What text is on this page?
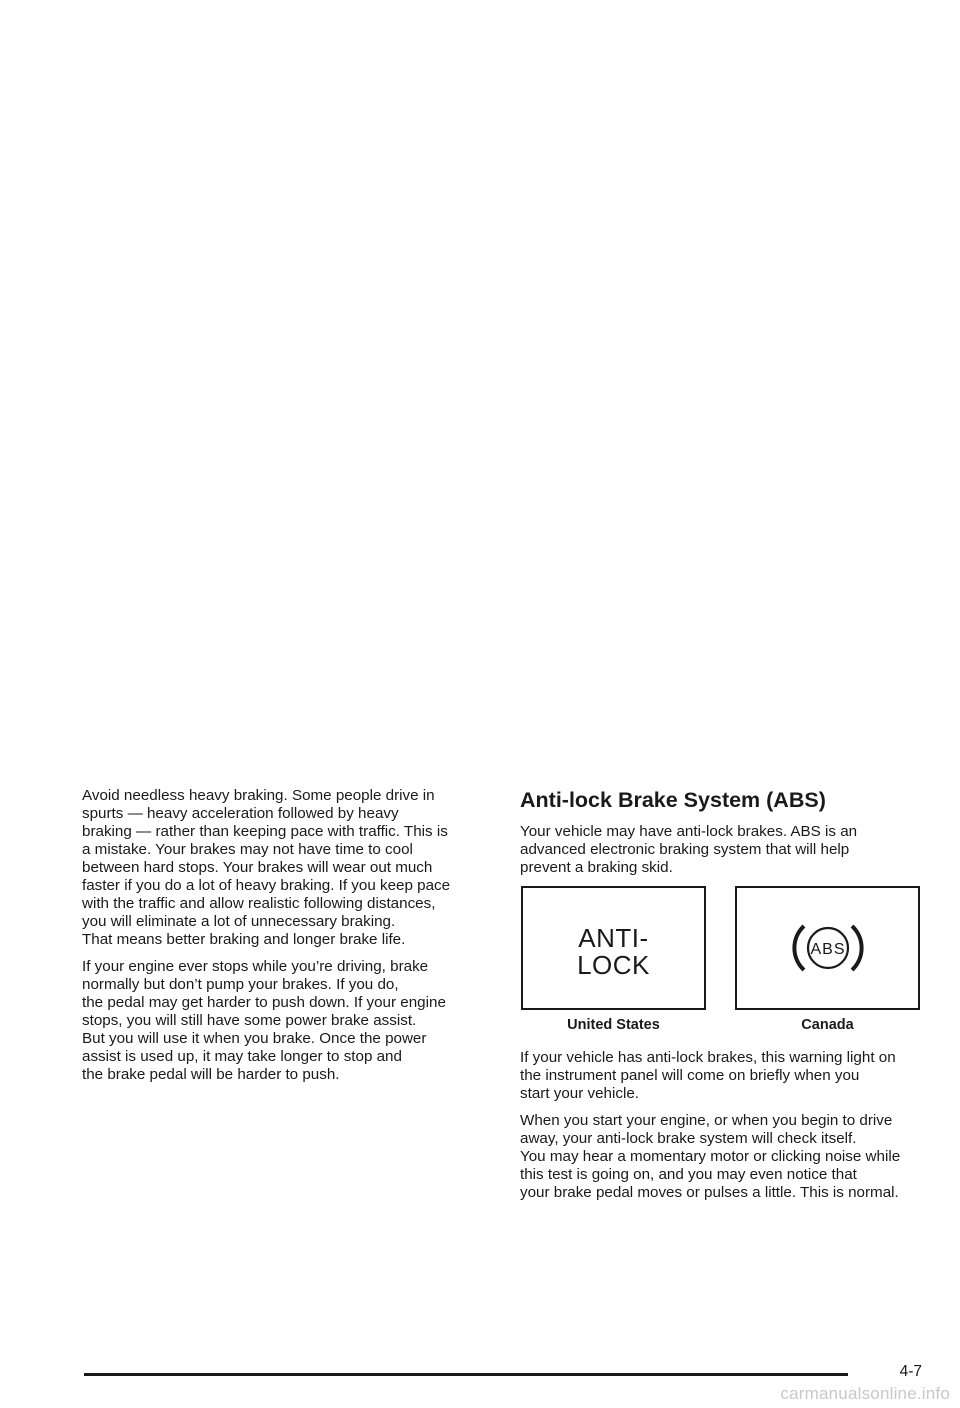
Avoid needless heavy braking. Some people drive in
spurts — heavy acceleration followed by heavy
braking — rather than keeping pace with traffic. This is
a mistake. Your brakes may not have time to cool
between hard stops. Your brakes will wear out much
faster if you do a lot of heavy braking. If you keep pace
with the traffic and allow realistic following distances,
you will eliminate a lot of unnecessary braking.
That means better braking and longer brake life.

If your engine ever stops while you’re driving, brake
normally but don’t pump your brakes. If you do,
the pedal may get harder to push down. If your engine
stops, you will still have some power brake assist.
But you will use it when you brake. Once the power
assist is used up, it may take longer to stop and
the brake pedal will be harder to push.

Anti-lock Brake System (ABS)

Your vehicle may have anti-lock brakes. ABS is an
advanced electronic braking system that will help
prevent a braking skid.

ANTI-
LOCK
United States
ABS
Canada

If your vehicle has anti-lock brakes, this warning light on
the instrument panel will come on briefly when you
start your vehicle.

When you start your engine, or when you begin to drive
away, your anti-lock brake system will check itself.
You may hear a momentary motor or clicking noise while
this test is going on, and you may even notice that
your brake pedal moves or pulses a little. This is normal.

4-7
carmanualsonline.info
